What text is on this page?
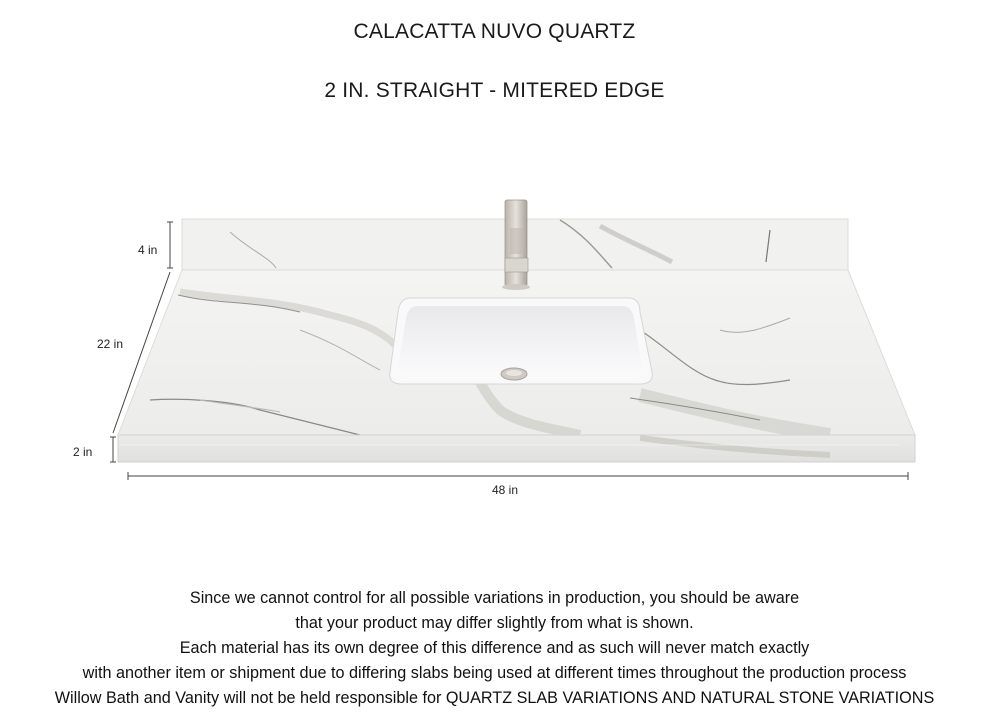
CALACATTA NUVO QUARTZ
2 IN. STRAIGHT - MITERED EDGE
4 in
22 in
2 in
48 in
Since we cannot control for all possible variations in production, you should be aware
that your product may differ slightly from what is shown.
Each material has its own degree of this difference and as such will never match exactly
with another item or shipment due to differing slabs being used at different times throughout the production process
Willow Bath and Vanity will not be held responsible for QUARTZ SLAB VARIATIONS AND NATURAL STONE VARIATIONS
